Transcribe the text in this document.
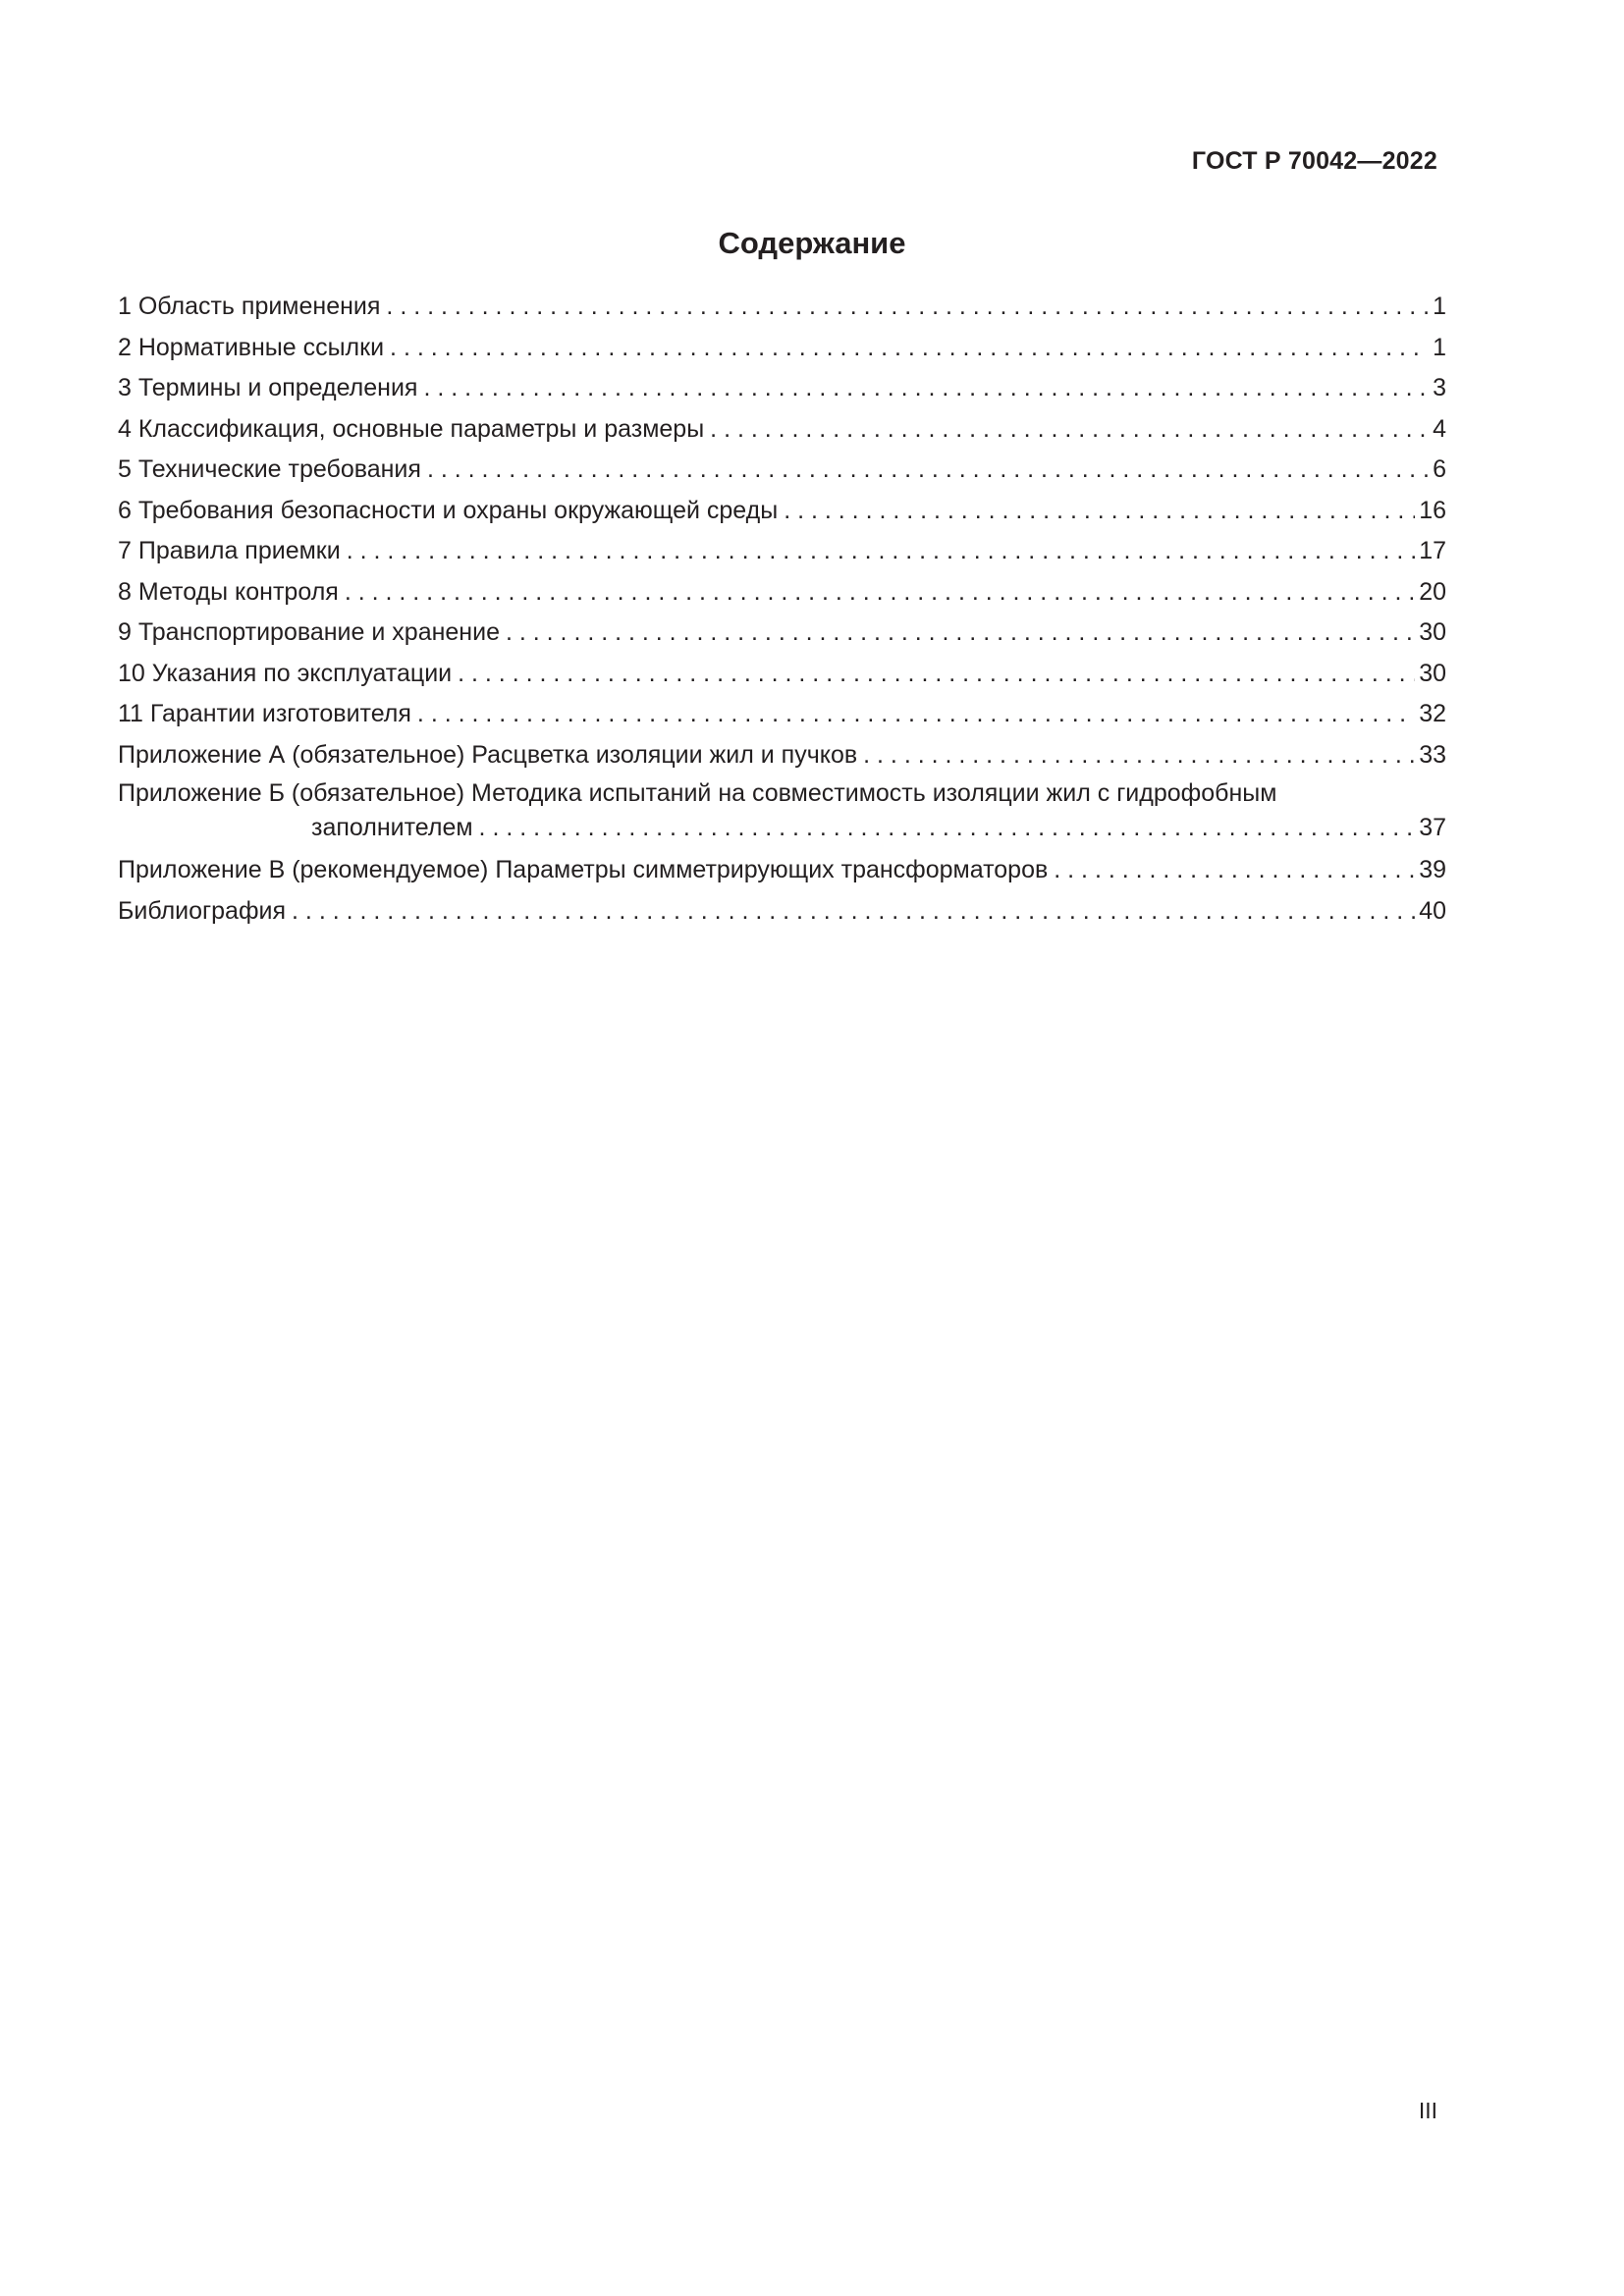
ГОСТ Р 70042—2022
Содержание
1 Область применения . . .	1
2 Нормативные ссылки . . .	1
3 Термины и определения . . .	3
4 Классификация, основные параметры и размеры . . .	4
5 Технические требования . . .	6
6 Требования безопасности и охраны окружающей среды . . .	16
7 Правила приемки . . .	17
8 Методы контроля . . .	20
9 Транспортирование и хранение . . .	30
10 Указания по эксплуатации . . .	30
11 Гарантии изготовителя . . .	32
Приложение А (обязательное) Расцветка изоляции жил и пучков . . .	33
Приложение Б (обязательное) Методика испытаний на совместимость изоляции жил с гидрофобным
заполнителем . . .	37
Приложение В (рекомендуемое) Параметры симметрирующих трансформаторов . . .	39
Библиография . . .	40
III
